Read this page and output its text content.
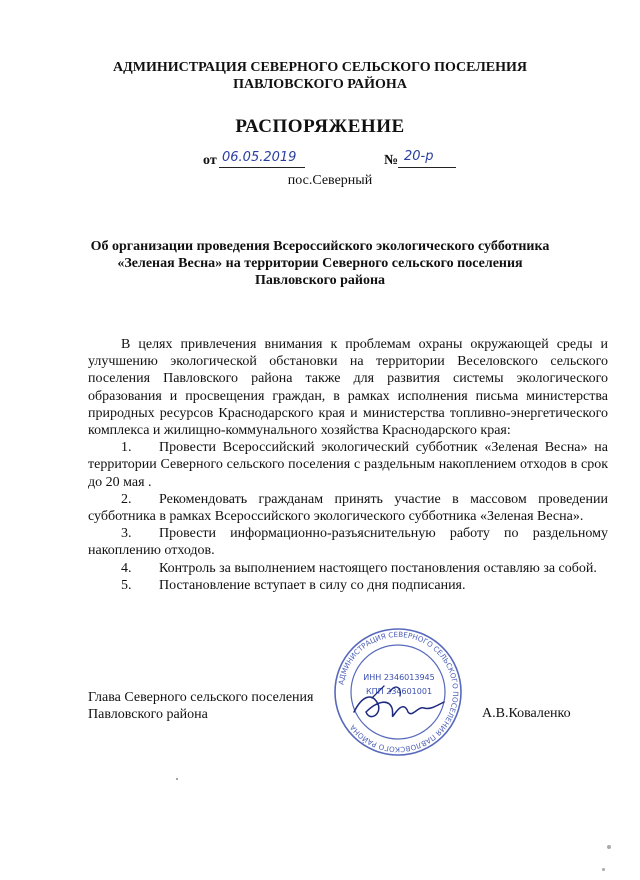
АДМИНИСТРАЦИЯ СЕВЕРНОГО СЕЛЬСКОГО ПОСЕЛЕНИЯ
ПАВЛОВСКОГО РАЙОНА
РАСПОРЯЖЕНИЕ
от 06.05.2019	№ 20-р
пос.Северный
Об организации проведения Всероссийского экологического субботника
«Зеленая Весна» на территории Северного сельского поселения
Павловского района

В целях привлечения внимания к проблемам охраны окружающей среды и улучшению экологической обстановки на территории Веселовского сельского поселения Павловского района также для развития системы экологического образования и просвещения граждан, в рамках исполнения письма министерства природных ресурсов Краснодарского края и министерства топливно-энергетического комплекса и жилищно-коммунального хозяйства Краснодарского края:

1. Провести Всероссийский экологический субботник «Зеленая Весна» на территории Северного сельского поселения с раздельным накоплением отходов в срок до 20 мая .

2. Рекомендовать гражданам принять участие в массовом проведении субботника в рамках Всероссийского экологического субботника «Зеленая Весна».

3. Провести информационно-разъяснительную работу по раздельному накоплению отходов.

4. Контроль за выполнением настоящего постановления оставляю за собой.

5. Постановление вступает в силу со дня подписания.

АДМИНИСТРАЦИЯ СЕВЕРНОГО СЕЛЬСКОГО ПОСЕЛЕНИЯ ПАВЛОВСКОГО РАЙОНА
ИНН 2346013945
КПП 234601001
Глава Северного сельского поселения
Павловского района	А.В.Коваленко
